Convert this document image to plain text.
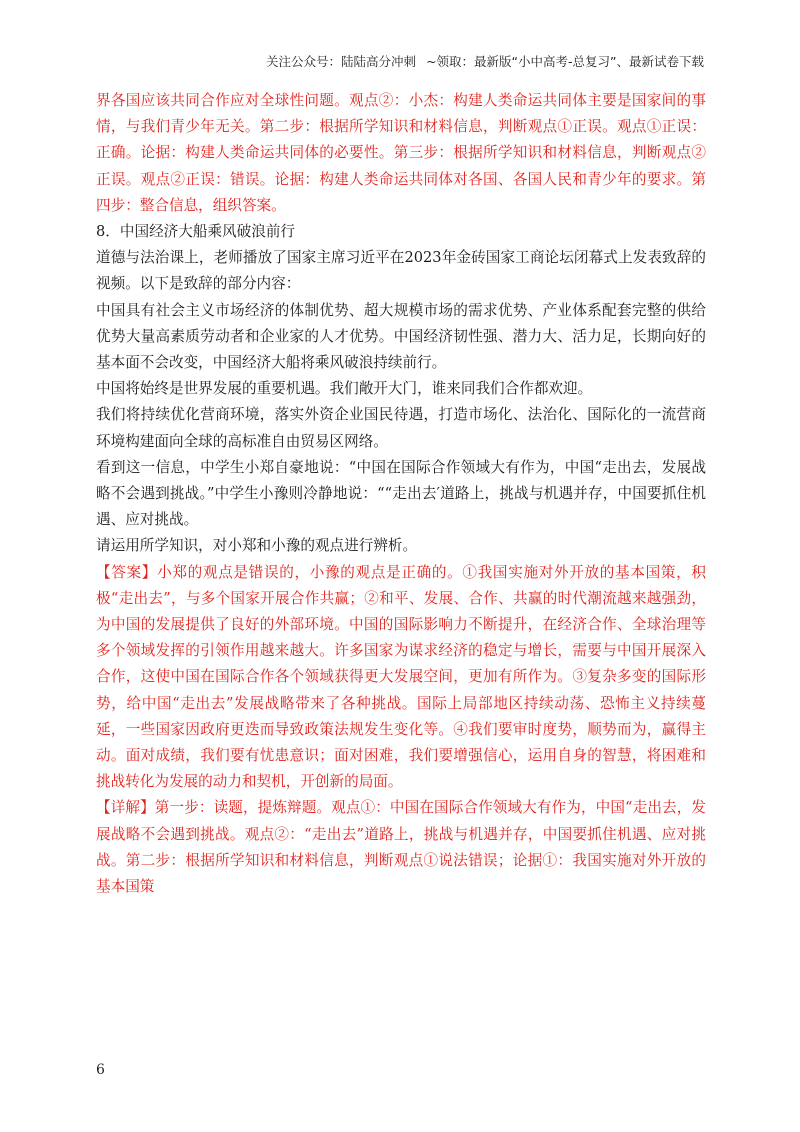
关注公众号：陆陆高分冲刺 ~领取：最新版“小中高考-总复习”、最新试卷下载

界各国应该共同合作应对全球性问题。观点②：小杰：构建人类命运共同体主要是国家间的事情，与我们青少年无关。第二步：根据所学知识和材料信息，判断观点①正误。观点①正误：正确。论据：构建人类命运共同体的必要性。第三步：根据所学知识和材料信息，判断观点②正误。观点②正误：错误。论据：构建人类命运共同体对各国、各国人民和青少年的要求。第四步：整合信息，组织答案。

8．中国经济大船乘风破浪前行

道德与法治课上，老师播放了国家主席习近平在2023年金砖国家工商论坛闭幕式上发表致辞的视频。以下是致辞的部分内容：

中国具有社会主义市场经济的体制优势、超大规模市场的需求优势、产业体系配套完整的供给优势大量高素质劳动者和企业家的人才优势。中国经济韧性强、潜力大、活力足，长期向好的基本面不会改变，中国经济大船将乘风破浪持续前行。

中国将始终是世界发展的重要机遇。我们敞开大门，谁来同我们合作都欢迎。

我们将持续优化营商环境，落实外资企业国民待遇，打造市场化、法治化、国际化的一流营商环境构建面向全球的高标准自由贸易区网络。

看到这一信息，中学生小郑自豪地说：“中国在国际合作领域大有作为，中国“走出去，发展战略不会遇到挑战。”中学生小豫则冷静地说：““走出去′道路上，挑战与机遇并存，中国要抓住机遇、应对挑战。

请运用所学知识，对小郑和小豫的观点进行辨析。

【答案】小郑的观点是错误的，小豫的观点是正确的。①我国实施对外开放的基本国策，积极“走出去”，与多个国家开展合作共赢；②和平、发展、合作、共赢的时代潮流越来越强劲，为中国的发展提供了良好的外部环境。中国的国际影响力不断提升，在经济合作、全球治理等多个领域发挥的引领作用越来越大。许多国家为谋求经济的稳定与增长，需要与中国开展深入合作，这使中国在国际合作各个领域获得更大发展空间，更加有所作为。③复杂多变的国际形势，给中国“走出去”发展战略带来了各种挑战。国际上局部地区持续动荡、恐怖主义持续蔓延，一些国家因政府更迭而导致政策法规发生变化等。④我们要审时度势，顺势而为，赢得主动。面对成绩，我们要有忧患意识；面对困难，我们要增强信心，运用自身的智慧，将困难和挑战转化为发展的动力和契机，开创新的局面。

【详解】第一步：读题，提炼辩题。观点①：中国在国际合作领域大有作为，中国“走出去，发展战略不会遇到挑战。观点②：“走出去”道路上，挑战与机遇并存，中国要抓住机遇、应对挑战。第二步：根据所学知识和材料信息，判断观点①说法错误；论据①：我国实施对外开放的基本国策

6
